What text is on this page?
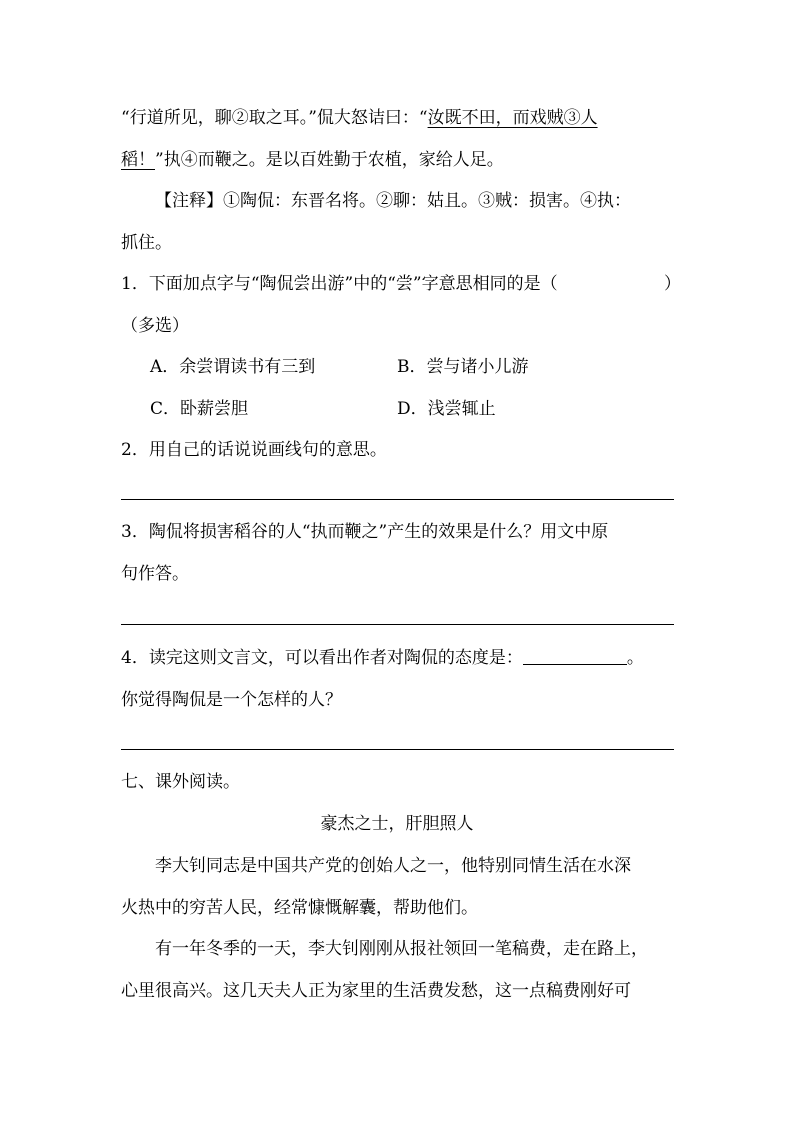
“行道所见，聊②取之耳。”侃大怒诘曰：“汝既不田，而戏贼③人
稻！”执④而鞭之。是以百姓勤于农植，家给人足。
【注释】①陶侃：东晋名将。②聊：姑且。③贼：损害。④执：
抓住。
1．下面加点字与“陶侃尝出游”中的“尝”字意思相同的是（	）
（多选）
A．余尝谓读书有三到	B．尝与诸小儿游
C．卧薪尝胆	D．浅尝辄止
2．用自己的话说说画线句的意思。
3．陶侃将损害稻谷的人“执而鞭之”产生的效果是什么？用文中原
句作答。
4．读完这则文言文，可以看出作者对陶侃的态度是：	。
你觉得陶侃是一个怎样的人？
七、课外阅读。
豪杰之士，肝胆照人
李大钊同志是中国共产党的创始人之一，他特别同情生活在水深
火热中的穷苦人民，经常慷慨解囊，帮助他们。
有一年冬季的一天，李大钊刚刚从报社领回一笔稿费，走在路上，
心里很高兴。这几天夫人正为家里的生活费发愁，这一点稿费刚好可
